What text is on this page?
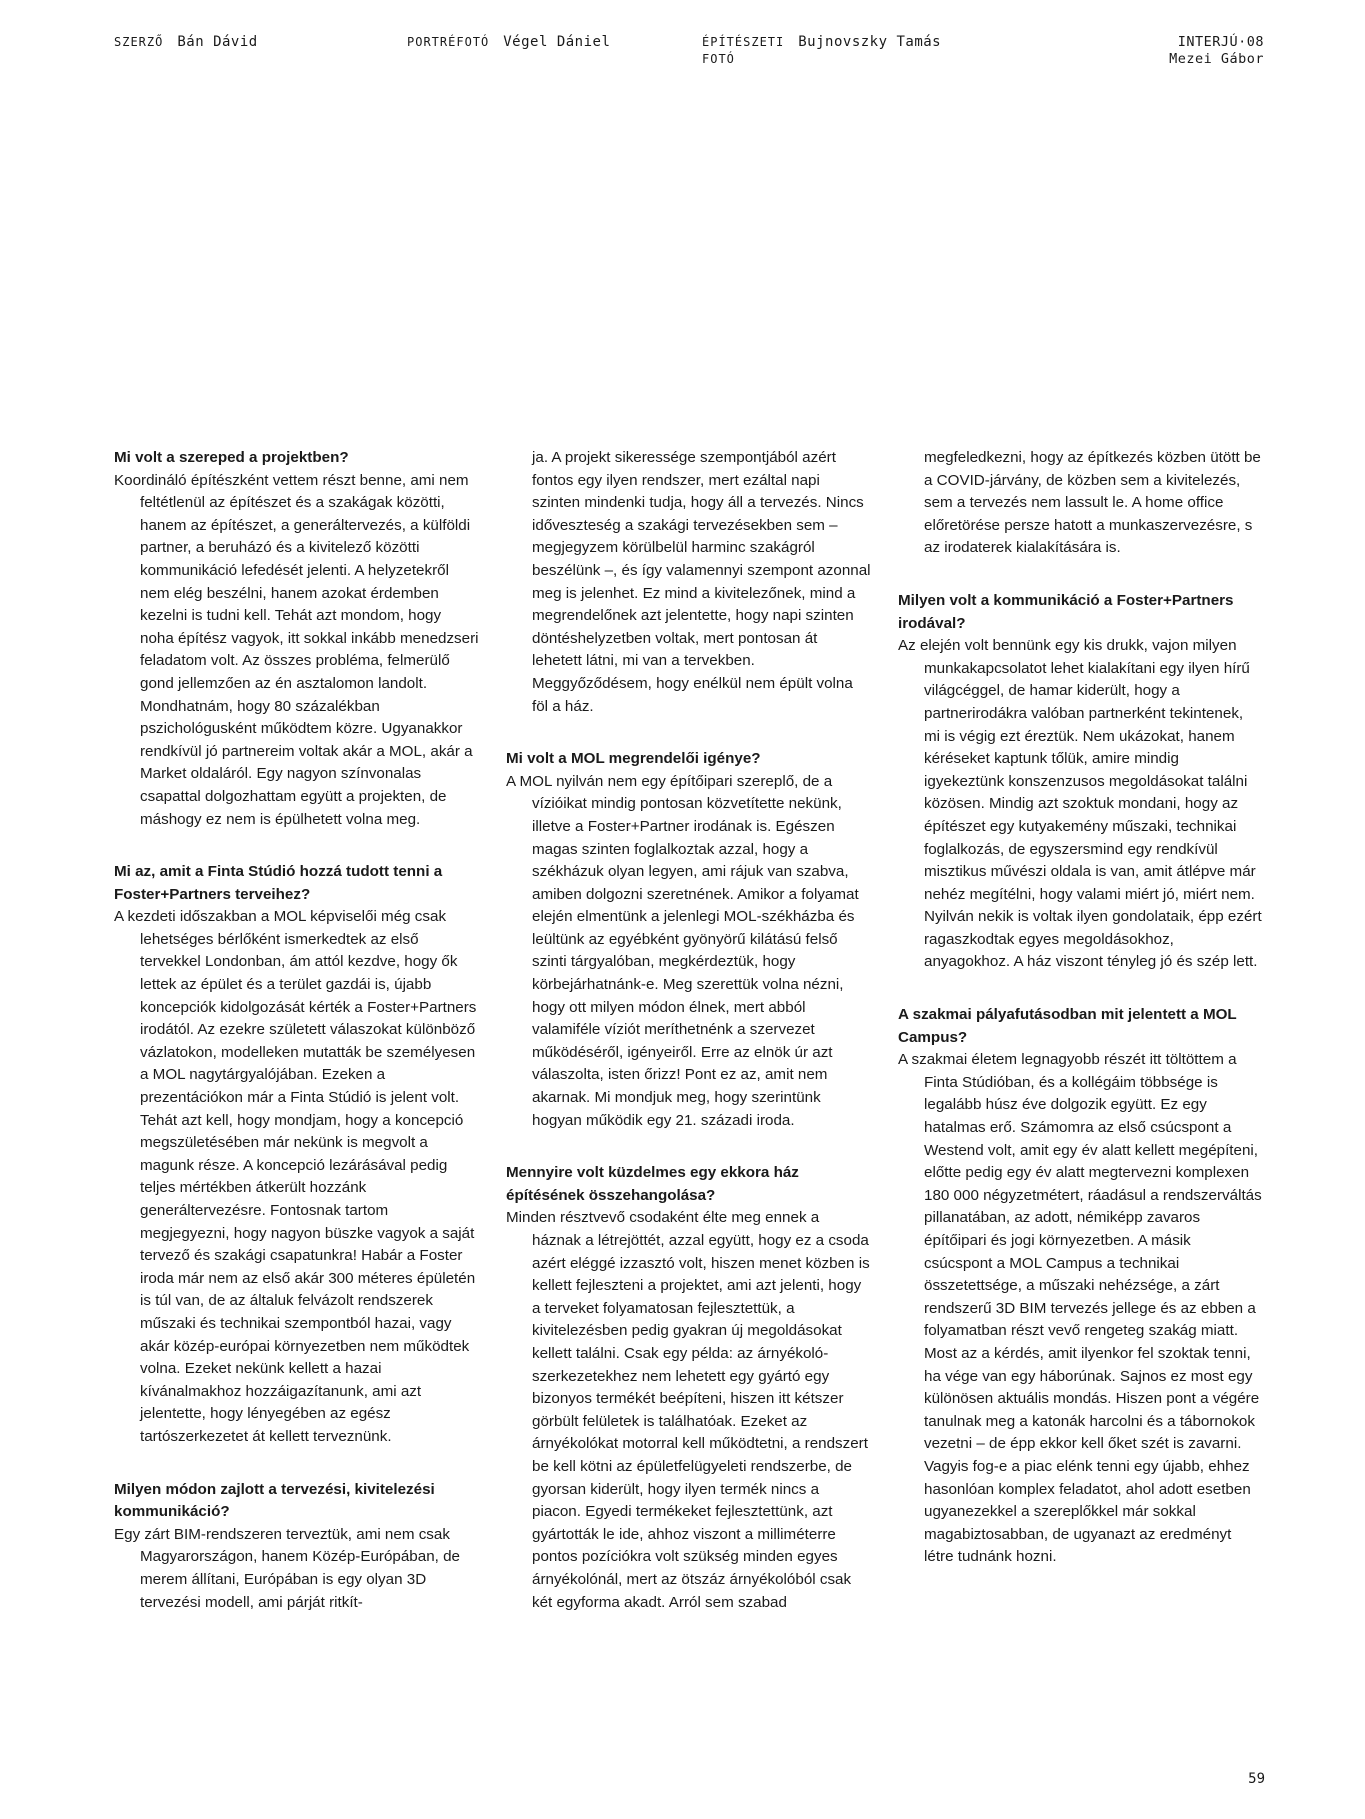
SZERZŐ Bán Dávid	PORTRÉFOTÓ Végel Dániel	ÉPÍTÉSZETI
FOTÓ
Bujnovszky Tamás	INTERJÚ·08
Mezei Gábor

Mi volt a szereped a projektben?

Koordináló építészként vettem részt benne, ami nem feltétlenül az építészet és a szakágak közötti, hanem az építészet, a generáltervezés, a külföldi partner, a beruházó és a kivitelező közötti kommunikáció lefedését jelenti. A helyzetekről nem elég beszélni, hanem azokat érdemben kezelni is tudni kell. Tehát azt mondom, hogy noha építész vagyok, itt sokkal inkább menedzseri feladatom volt. Az összes probléma, felmerülő gond jellemzően az én asztalomon landolt. Mondhatnám, hogy 80 százalékban pszichológusként működtem közre. Ugyanakkor rendkívül jó partnereim voltak akár a MOL, akár a Market oldaláról. Egy nagyon színvonalas csapattal dolgozhattam együtt a projekten, de máshogy ez nem is épülhetett volna meg.

Mi az, amit a Finta Stúdió hozzá tudott tenni a Foster+Partners terveihez?

A kezdeti időszakban a MOL képviselői még csak lehetséges bérlőként ismerkedtek az első tervekkel Londonban, ám attól kezdve, hogy ők lettek az épület és a terület gazdái is, újabb koncepciók kidolgozását kérték a Foster+Partners irodától. Az ezekre született válaszokat különböző vázlatokon, modelleken mutatták be személyesen a MOL nagytárgyalójában. Ezeken a prezentációkon már a Finta Stúdió is jelent volt. Tehát azt kell, hogy mondjam, hogy a koncepció megszületésében már nekünk is megvolt a magunk része. A koncepció lezárásával pedig teljes mértékben átkerült hozzánk generáltervezésre. Fontosnak tartom megjegyezni, hogy nagyon büszke vagyok a saját tervező és szakági csapatunkra! Habár a Foster iroda már nem az első akár 300 méteres épületén is túl van, de az általuk felvázolt rendszerek műszaki és technikai szempontból hazai, vagy akár közép-európai környezetben nem működtek volna. Ezeket nekünk kellett a hazai kívánalmakhoz hozzáigazítanunk, ami azt jelentette, hogy lényegében az egész tartószerkezetet át kellett terveznünk.

Milyen módon zajlott a tervezési, kivitelezési kommunikáció?

Egy zárt BIM-rendszeren terveztük, ami nem csak Magyarországon, hanem Közép-Európában, de merem állítani, Európában is egy olyan 3D tervezési modell, ami párját ritkít-

ja. A projekt sikeressége szempontjából azért fontos egy ilyen rendszer, mert ezáltal napi szinten mindenki tudja, hogy áll a tervezés. Nincs időveszteség a szakági tervezésekben sem – megjegyzem körülbelül harminc szakágról beszélünk –, és így valamennyi szempont azonnal meg is jelenhet. Ez mind a kivitelezőnek, mind a megrendelőnek azt jelentette, hogy napi szinten döntéshelyzetben voltak, mert pontosan át lehetett látni, mi van a tervekben. Meggyőződésem, hogy enélkül nem épült volna föl a ház.

Mi volt a MOL megrendelői igénye?

A MOL nyilván nem egy építőipari szereplő, de a vízióikat mindig pontosan közvetítette nekünk, illetve a Foster+Partner irodának is. Egészen magas szinten foglalkoztak azzal, hogy a székházuk olyan legyen, ami rájuk van szabva, amiben dolgozni szeretnének. Amikor a folyamat elején elmentünk a jelenlegi MOL-székházba és leültünk az egyébként gyönyörű kilátású felső szinti tárgyalóban, megkérdeztük, hogy körbejárhatnánk-e. Meg szerettük volna nézni, hogy ott milyen módon élnek, mert abból valamiféle víziót meríthetnénk a szervezet működéséről, igényeiről. Erre az elnök úr azt válaszolta, isten őrizz! Pont ez az, amit nem akarnak. Mi mondjuk meg, hogy szerintünk hogyan működik egy 21. századi iroda.

Mennyire volt küzdelmes egy ekkora ház építésének összehangolása?

Minden résztvevő csodaként élte meg ennek a háznak a létrejöttét, azzal együtt, hogy ez a csoda azért eléggé izzasztó volt, hiszen menet közben is kellett fejleszteni a projektet, ami azt jelenti, hogy a terveket folyamatosan fejlesztettük, a kivitelezésben pedig gyakran új megoldásokat kellett találni. Csak egy példa: az árnyékoló-szerkezetekhez nem lehetett egy gyártó egy bizonyos termékét beépíteni, hiszen itt kétszer görbült felületek is találhatóak. Ezeket az árnyékolókat motorral kell működtetni, a rendszert be kell kötni az épületfelügyeleti rendszerbe, de gyorsan kiderült, hogy ilyen termék nincs a piacon. Egyedi termékeket fejlesztettünk, azt gyártották le ide, ahhoz viszont a milliméterre pontos pozíciókra volt szükség minden egyes árnyékolónál, mert az ötszáz árnyékolóból csak két egyforma akadt. Arról sem szabad

megfeledkezni, hogy az építkezés közben ütött be a COVID-járvány, de közben sem a kivitelezés, sem a tervezés nem lassult le. A home office előretörése persze hatott a munkaszervezésre, s az irodaterek kialakítására is.

Milyen volt a kommunikáció a Foster+Partners irodával?

Az elején volt bennünk egy kis drukk, vajon milyen munkakapcsolatot lehet kialakítani egy ilyen hírű világcéggel, de hamar kiderült, hogy a partnerirodákra valóban partnerként tekintenek, mi is végig ezt éreztük. Nem ukázokat, hanem kéréseket kaptunk tőlük, amire mindig igyekeztünk konszenzusos megoldásokat találni közösen. Mindig azt szoktuk mondani, hogy az építészet egy kutyakemény műszaki, technikai foglalkozás, de egyszersmind egy rendkívül misztikus művészi oldala is van, amit átlépve már nehéz megítélni, hogy valami miért jó, miért nem. Nyilván nekik is voltak ilyen gondolataik, épp ezért ragaszkodtak egyes megoldásokhoz, anyagokhoz. A ház viszont tényleg jó és szép lett.

A szakmai pályafutásodban mit jelentett a MOL Campus?

A szakmai életem legnagyobb részét itt töltöttem a Finta Stúdióban, és a kollégáim többsége is legalább húsz éve dolgozik együtt. Ez egy hatalmas erő. Számomra az első csúcspont a Westend volt, amit egy év alatt kellett megépíteni, előtte pedig egy év alatt megtervezni komplexen 180 000 négyzetmétert, ráadásul a rendszerváltás pillanatában, az adott, némiképp zavaros építőipari és jogi környezetben. A másik csúcspont a MOL Campus a technikai összetettsége, a műszaki nehézsége, a zárt rendszerű 3D BIM tervezés jellege és az ebben a folyamatban részt vevő rengeteg szakág miatt. Most az a kérdés, amit ilyenkor fel szoktak tenni, ha vége van egy háborúnak. Sajnos ez most egy különösen aktuális mondás. Hiszen pont a végére tanulnak meg a katonák harcolni és a tábornokok vezetni – de épp ekkor kell őket szét is zavarni. Vagyis fog-e a piac elénk tenni egy újabb, ehhez hasonlóan komplex feladatot, ahol adott esetben ugyanezekkel a szereplőkkel már sokkal magabiztosabban, de ugyanazt az eredményt létre tudnánk hozni.

59
